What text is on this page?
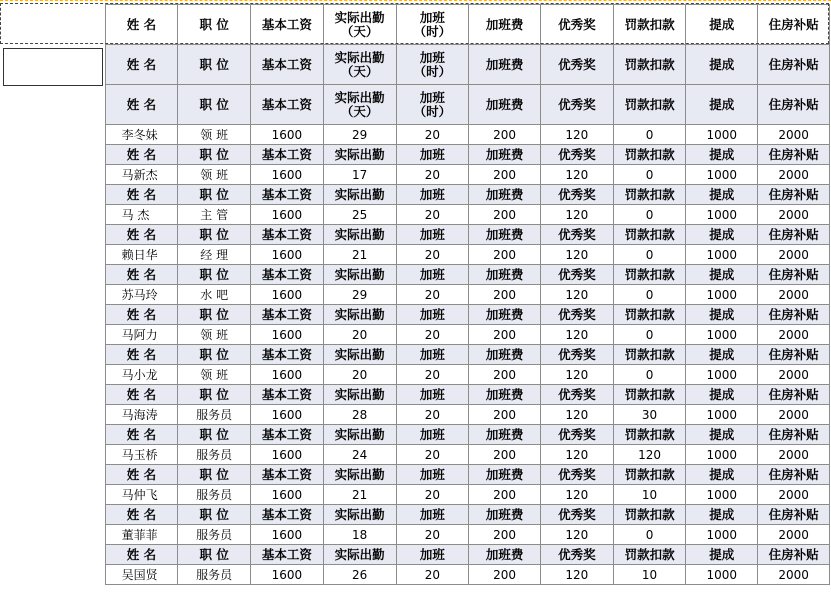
	姓 名	职 位	基本工资	实际出勤
（天）	加班
（时）	加班费	优秀奖	罚款扣款	提成	住房补贴
	姓 名	职 位	基本工资	实际出勤
（天）	加班
（时）	加班费	优秀奖	罚款扣款	提成	住房补贴
	姓 名	职 位	基本工资	实际出勤
（天）	加班
（时）	加班费	优秀奖	罚款扣款	提成	住房补贴
	李冬妹	领 班	1600	29	20	200	120	0	1000	2000
	姓 名	职 位	基本工资	实际出勤	加班	加班费	优秀奖	罚款扣款	提成	住房补贴
	马新杰	领 班	1600	17	20	200	120	0	1000	2000
	姓 名	职 位	基本工资	实际出勤	加班	加班费	优秀奖	罚款扣款	提成	住房补贴
	马 杰	主 管	1600	25	20	200	120	0	1000	2000
	姓 名	职 位	基本工资	实际出勤	加班	加班费	优秀奖	罚款扣款	提成	住房补贴
	赖日华	经 理	1600	21	20	200	120	0	1000	2000
	姓 名	职 位	基本工资	实际出勤	加班	加班费	优秀奖	罚款扣款	提成	住房补贴
	苏马玲	水 吧	1600	29	20	200	120	0	1000	2000
	姓 名	职 位	基本工资	实际出勤	加班	加班费	优秀奖	罚款扣款	提成	住房补贴
	马阿力	领 班	1600	20	20	200	120	0	1000	2000
	姓 名	职 位	基本工资	实际出勤	加班	加班费	优秀奖	罚款扣款	提成	住房补贴
	马小龙	领 班	1600	20	20	200	120	0	1000	2000
	姓 名	职 位	基本工资	实际出勤	加班	加班费	优秀奖	罚款扣款	提成	住房补贴
	马海涛	服务员	1600	28	20	200	120	30	1000	2000
	姓 名	职 位	基本工资	实际出勤	加班	加班费	优秀奖	罚款扣款	提成	住房补贴
	马玉桥	服务员	1600	24	20	200	120	120	1000	2000
	姓 名	职 位	基本工资	实际出勤	加班	加班费	优秀奖	罚款扣款	提成	住房补贴
	马仲飞	服务员	1600	21	20	200	120	10	1000	2000
	姓 名	职 位	基本工资	实际出勤	加班	加班费	优秀奖	罚款扣款	提成	住房补贴
	董菲菲	服务员	1600	18	20	200	120	0	1000	2000
	姓 名	职 位	基本工资	实际出勤	加班	加班费	优秀奖	罚款扣款	提成	住房补贴
	吴国贤	服务员	1600	26	20	200	120	10	1000	2000
